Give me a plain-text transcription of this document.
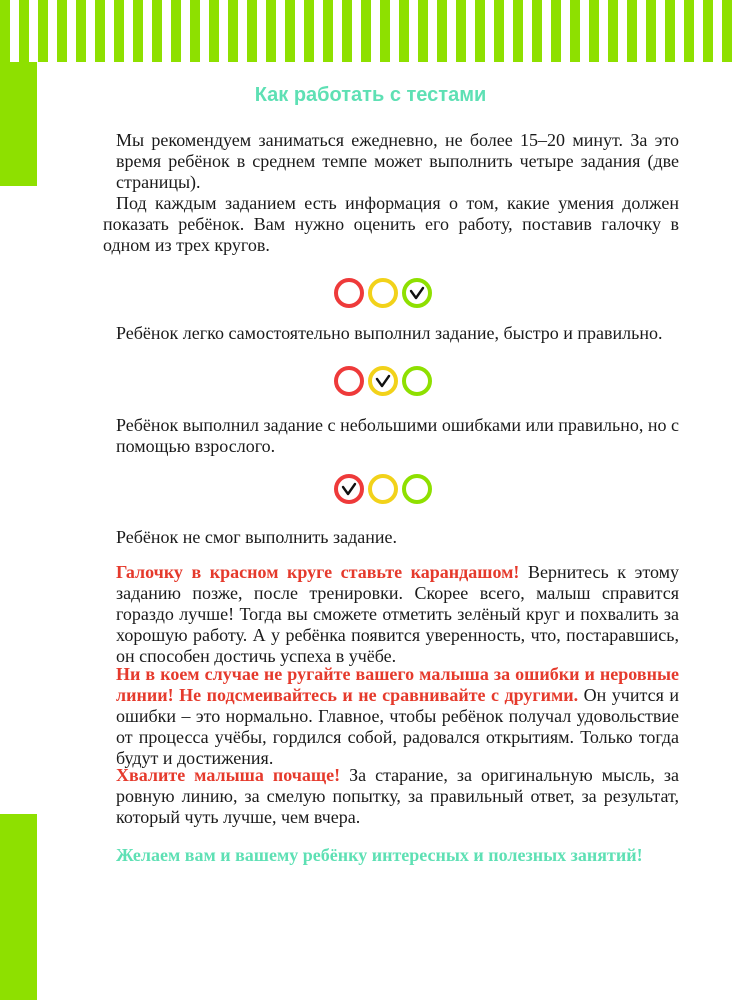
Как работать с тестами

Мы рекомендуем заниматься ежедневно, не более 15–20 минут. За это время ребёнок в среднем темпе может выполнить четыре задания (две страницы).

Под каждым заданием есть информация о том, какие умения должен показать ребёнок. Вам нужно оценить его работу, поставив галочку в одном из трех кругов.

Ребёнок легко самостоятельно выполнил задание, быстро и правильно.

Ребёнок выполнил задание с небольшими ошибками или правильно, но с помощью взрослого.

Ребёнок не смог выполнить задание.

Галочку в красном круге ставьте карандашом! Вернитесь к этому заданию позже, после тренировки. Скорее всего, малыш справится гораздо лучше! Тогда вы сможете отметить зелёный круг и похвалить за хорошую работу. А у ребёнка появится уверенность, что, постаравшись, он способен достичь успеха в учёбе.

Ни в коем случае не ругайте вашего малыша за ошибки и неровные линии! Не подсмеивайтесь и не сравнивайте с другими. Он учится и ошибки – это нормально. Главное, чтобы ребёнок получал удовольствие от процесса учёбы, гордился собой, радовался открытиям. Только тогда будут и достижения.

Хвалите малыша почаще! За старание, за оригинальную мысль, за ровную линию, за смелую попытку, за правильный ответ, за результат, который чуть лучше, чем вчера.

Желаем вам и вашему ребёнку интересных и полезных занятий!
